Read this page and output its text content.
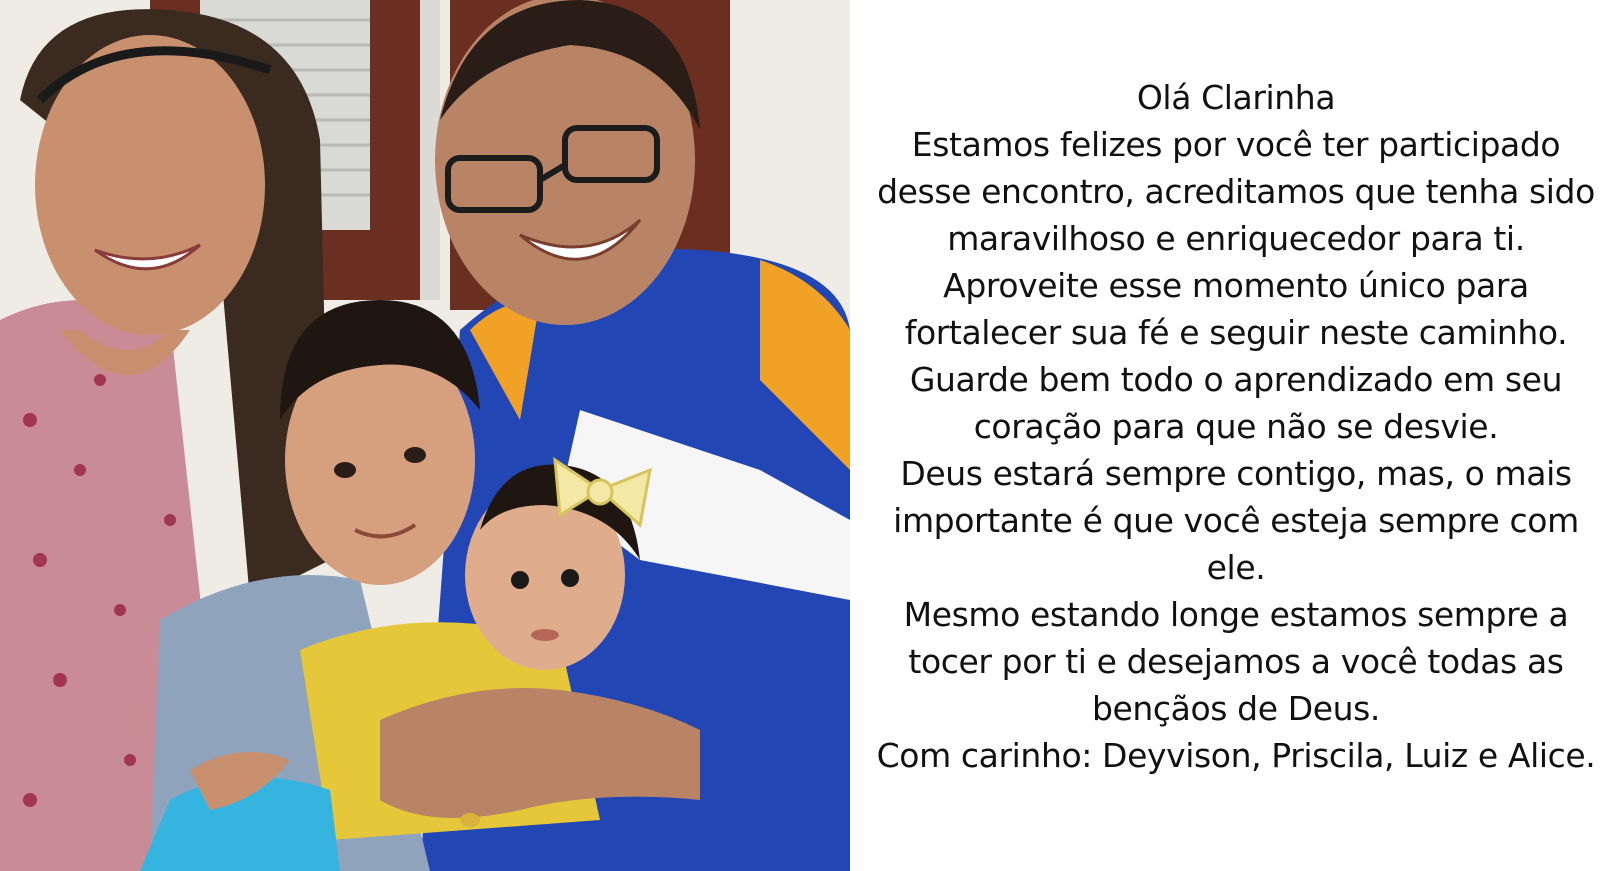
Olá Clarinha
Estamos felizes por você ter participado
desse encontro, acreditamos que tenha sido
maravilhoso e enriquecedor para ti.
Aproveite esse momento único para
fortalecer sua fé e seguir neste caminho.
Guarde bem todo o aprendizado em seu
coração para que não se desvie.
Deus estará sempre contigo, mas, o mais
importante é que você esteja sempre com
ele.
Mesmo estando longe estamos sempre a
tocer por ti e desejamos a você todas as
bençãos de Deus.
Com carinho: Deyvison, Priscila, Luiz e Alice.
